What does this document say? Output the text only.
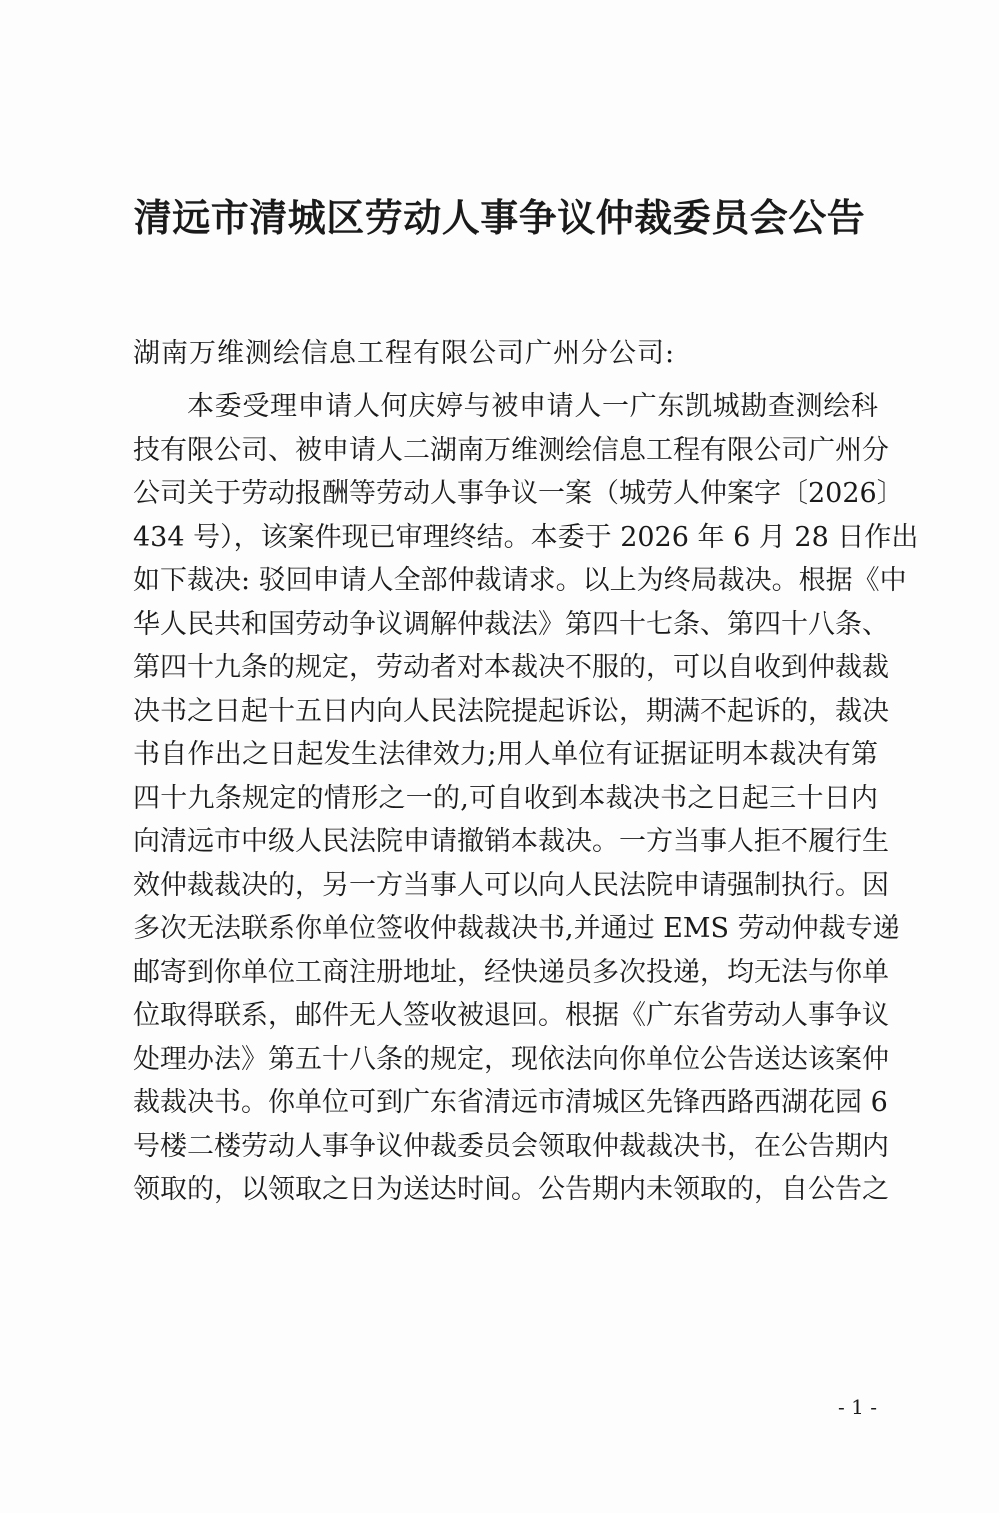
清远市清城区劳动人事争议仲裁委员会公告
湖南万维测绘信息工程有限公司广州分公司:
本委受理申请人何庆婷与被申请人一广东凯城勘查测绘科
技有限公司、被申请人二湖南万维测绘信息工程有限公司广州分
公司关于劳动报酬等劳动人事争议一案（城劳人仲案字〔2026〕
434 号），该案件现已审理终结。本委于 2026 年 6 月 28 日作出
如下裁决: 驳回申请人全部仲裁请求。以上为终局裁决。根据《中
华人民共和国劳动争议调解仲裁法》第四十七条、第四十八条、
第四十九条的规定，劳动者对本裁决不服的，可以自收到仲裁裁
决书之日起十五日内向人民法院提起诉讼，期满不起诉的，裁决
书自作出之日起发生法律效力;用人单位有证据证明本裁决有第
四十九条规定的情形之一的,可自收到本裁决书之日起三十日内
向清远市中级人民法院申请撤销本裁决。一方当事人拒不履行生
效仲裁裁决的，另一方当事人可以向人民法院申请强制执行。因
多次无法联系你单位签收仲裁裁决书,并通过 EMS 劳动仲裁专递
邮寄到你单位工商注册地址，经快递员多次投递，均无法与你单
位取得联系，邮件无人签收被退回。根据《广东省劳动人事争议
处理办法》第五十八条的规定，现依法向你单位公告送达该案仲
裁裁决书。你单位可到广东省清远市清城区先锋西路西湖花园 6
号楼二楼劳动人事争议仲裁委员会领取仲裁裁决书，在公告期内
领取的，以领取之日为送达时间。公告期内未领取的，自公告之
- 1 -
